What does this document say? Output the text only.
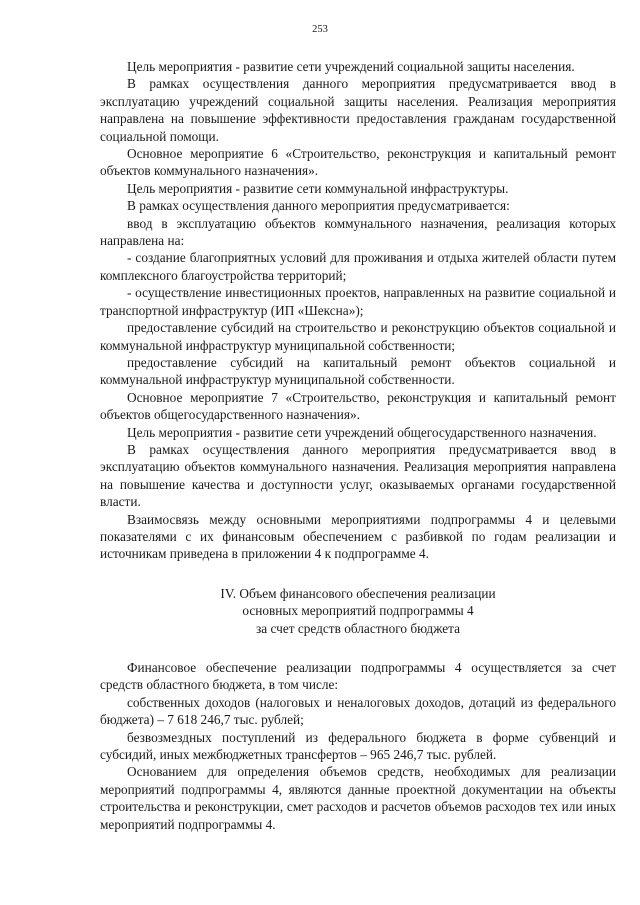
253

Цель мероприятия - развитие сети учреждений социальной защиты населения.

В рамках осуществления данного мероприятия предусматривается ввод в эксплуатацию учреждений социальной защиты населения. Реализация мероприятия направлена на повышение эффективности предоставления гражданам государственной социальной помощи.

Основное мероприятие 6 «Строительство, реконструкция и капитальный ремонт объектов коммунального назначения».

Цель мероприятия - развитие сети коммунальной инфраструктуры.

В рамках осуществления данного мероприятия предусматривается:

ввод в эксплуатацию объектов коммунального назначения, реализация которых направлена на:

- создание благоприятных условий для проживания и отдыха жителей области путем комплексного благоустройства территорий;

- осуществление инвестиционных проектов, направленных на развитие социальной и транспортной инфраструктур (ИП «Шексна»);

предоставление субсидий на строительство и реконструкцию объектов социальной и коммунальной инфраструктур муниципальной собственности;

предоставление субсидий на капитальный ремонт объектов социальной и коммунальной инфраструктур муниципальной собственности.

Основное мероприятие 7 «Строительство, реконструкция и капитальный ремонт объектов общегосударственного назначения».

Цель мероприятия - развитие сети учреждений общегосударственного назначения.

В рамках осуществления данного мероприятия предусматривается ввод в эксплуатацию объектов коммунального назначения. Реализация мероприятия направлена на повышение качества и доступности услуг, оказываемых органами государственной власти.

Взаимосвязь между основными мероприятиями подпрограммы 4 и целевыми показателями с их финансовым обеспечением с разбивкой по годам реализации и источникам приведена в приложении 4 к подпрограмме 4.

IV. Объем финансового обеспечения реализации
основных мероприятий подпрограммы 4
за счет средств областного бюджета

Финансовое обеспечение реализации подпрограммы 4 осуществляется за счет средств областного бюджета, в том числе:

собственных доходов (налоговых и неналоговых доходов, дотаций из федерального бюджета) – 7 618 246,7 тыс. рублей;

безвозмездных поступлений из федерального бюджета в форме субвенций и субсидий, иных межбюджетных трансфертов – 965 246,7 тыс. рублей.

Основанием для определения объемов средств, необходимых для реализации мероприятий подпрограммы 4, являются данные проектной документации на объекты строительства и реконструкции, смет расходов и расчетов объемов расходов тех или иных мероприятий подпрограммы 4.
